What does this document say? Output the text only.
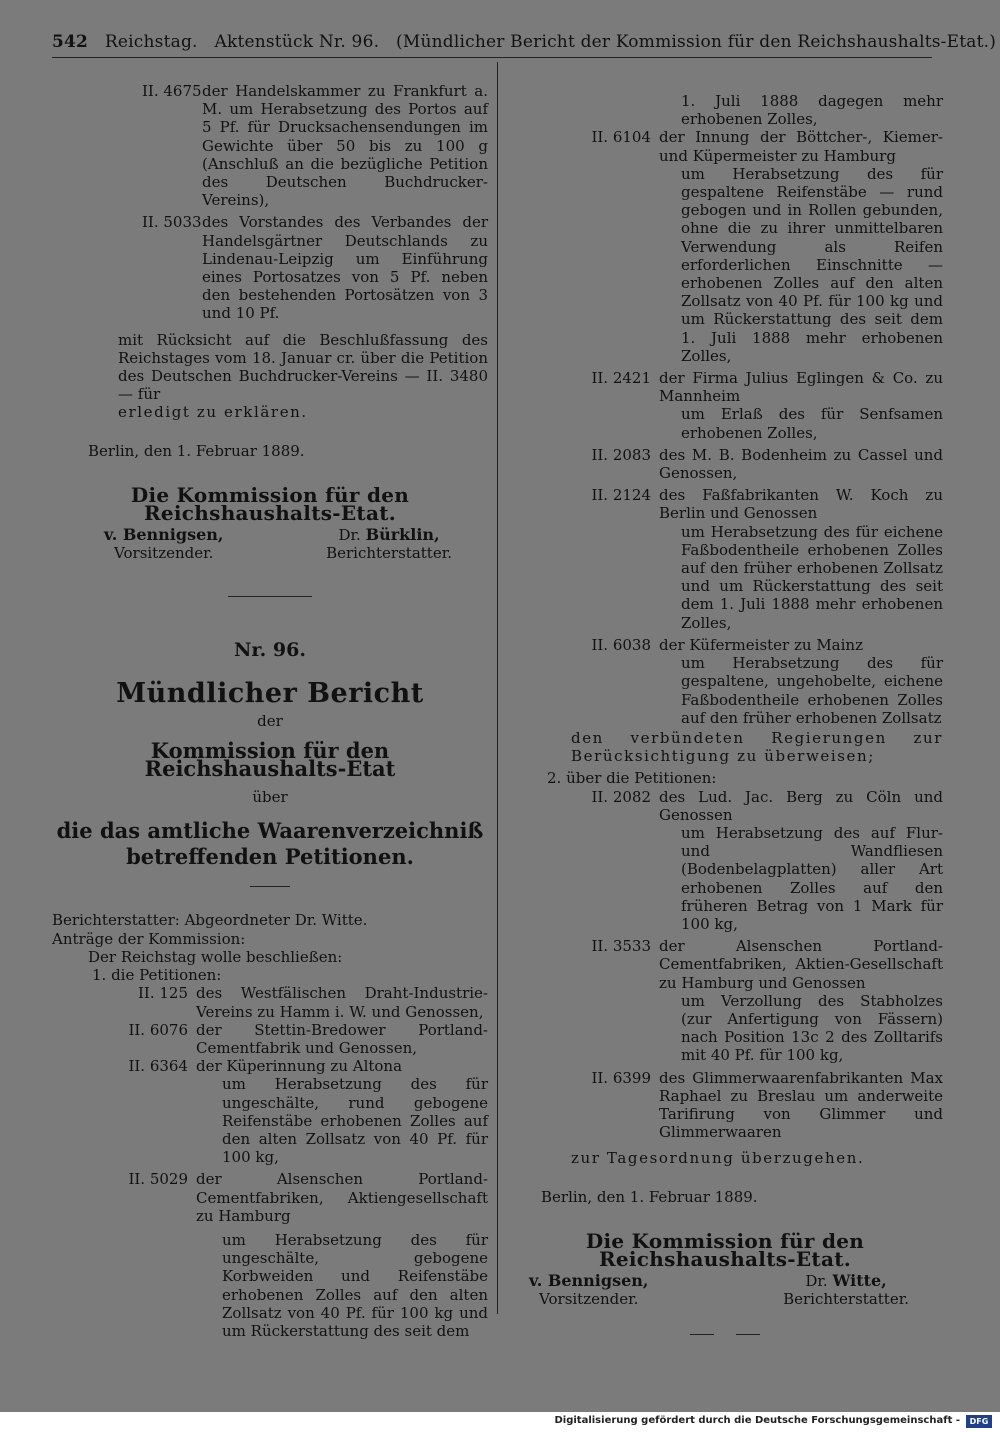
542 Reichstag. Aktenstück Nr. 96. (Mündlicher Bericht der Kommission für den Reichshaushalts-Etat.)
II. 4675 der Handelskammer zu Frankfurt a. M. um Herabsetzung des Portos auf 5 Pf. für Drucksachensendungen im Gewichte über 50 bis zu 100 g (Anschluß an die bezügliche Petition des Deutschen Buchdrucker-Vereins),
II. 5033 des Vorstandes des Verbandes der Handelsgärtner Deutschlands zu Lindenau-Leipzig um Einführung eines Portosatzes von 5 Pf. neben den bestehenden Portosätzen von 3 und 10 Pf.
mit Rücksicht auf die Beschlußfassung des Reichstages vom 18. Januar cr. über die Petition des Deutschen Buchdrucker-Vereins — II. 3480 — für
erledigt zu erklären.
Berlin, den 1. Februar 1889.
Die Kommission für den Reichshaushalts-Etat.
v. Bennigsen,
Vorsitzender.
Dr. Bürklin,
Berichterstatter.
Nr. 96.
Mündlicher Bericht
der
Kommission für den Reichshaushalts-Etat
über
die das amtliche Waarenverzeichniß betreffenden Petitionen.
Berichterstatter: Abgeordneter Dr. Witte.
Anträge der Kommission:
Der Reichstag wolle beschließen:
1. die Petitionen:
II. 125 des Westfälischen Draht-Industrie-Vereins zu Hamm i. W. und Genossen,
II. 6076 der Stettin-Bredower Portland-Cementfabrik und Genossen,
II. 6364 der Küperinnung zu Altona
um Herabsetzung des für ungeschälte, rund gebogene Reifenstäbe erhobenen Zolles auf den alten Zollsatz von 40 Pf. für 100 kg,
II. 5029 der Alsenschen Portland-Cementfabriken, Aktiengesellschaft zu Hamburg
um Herabsetzung des für ungeschälte, gebogene Korbweiden und Reifenstäbe erhobenen Zolles auf den alten Zollsatz von 40 Pf. für 100 kg und um Rückerstattung des seit dem
1. Juli 1888 dagegen mehr erhobenen Zolles,
II. 6104 der Innung der Böttcher-, Kiemer- und Küpermeister zu Hamburg
um Herabsetzung des für gespaltene Reifenstäbe — rund gebogen und in Rollen gebunden, ohne die zu ihrer unmittelbaren Verwendung als Reifen erforderlichen Einschnitte — erhobenen Zolles auf den alten Zollsatz von 40 Pf. für 100 kg und um Rückerstattung des seit dem 1. Juli 1888 mehr erhobenen Zolles,
II. 2421 der Firma Julius Eglingen & Co. zu Mannheim
um Erlaß des für Senfsamen erhobenen Zolles,
II. 2083 des M. B. Bodenheim zu Cassel und Genossen,
II. 2124 des Faßfabrikanten W. Koch zu Berlin und Genossen
um Herabsetzung des für eichene Faßbodentheile erhobenen Zolles auf den früher erhobenen Zollsatz und um Rückerstattung des seit dem 1. Juli 1888 mehr erhobenen Zolles,
II. 6038 der Küfermeister zu Mainz
um Herabsetzung des für gespaltene, ungehobelte, eichene Faßbodentheile erhobenen Zolles auf den früher erhobenen Zollsatz
den verbündeten Regierungen zur Berücksichtigung zu überweisen;
2. über die Petitionen:
II. 2082 des Lud. Jac. Berg zu Cöln und Genossen
um Herabsetzung des auf Flur- und Wandfliesen (Bodenbelagplatten) aller Art erhobenen Zolles auf den früheren Betrag von 1 Mark für 100 kg,
II. 3533 der Alsenschen Portland-Cementfabriken, Aktien-Gesellschaft zu Hamburg und Genossen
um Verzollung des Stabholzes (zur Anfertigung von Fässern) nach Position 13c 2 des Zolltarifs mit 40 Pf. für 100 kg,
II. 6399 des Glimmerwaarenfabrikanten Max Raphael zu Breslau um anderweite Tarifirung von Glimmer und Glimmerwaaren
zur Tagesordnung überzugehen.
Berlin, den 1. Februar 1889.
Die Kommission für den Reichshaushalts-Etat.
v. Bennigsen,
Vorsitzender.
Dr. Witte,
Berichterstatter.
Digitalisierung gefördert durch die Deutsche Forschungsgemeinschaft -	DFG
